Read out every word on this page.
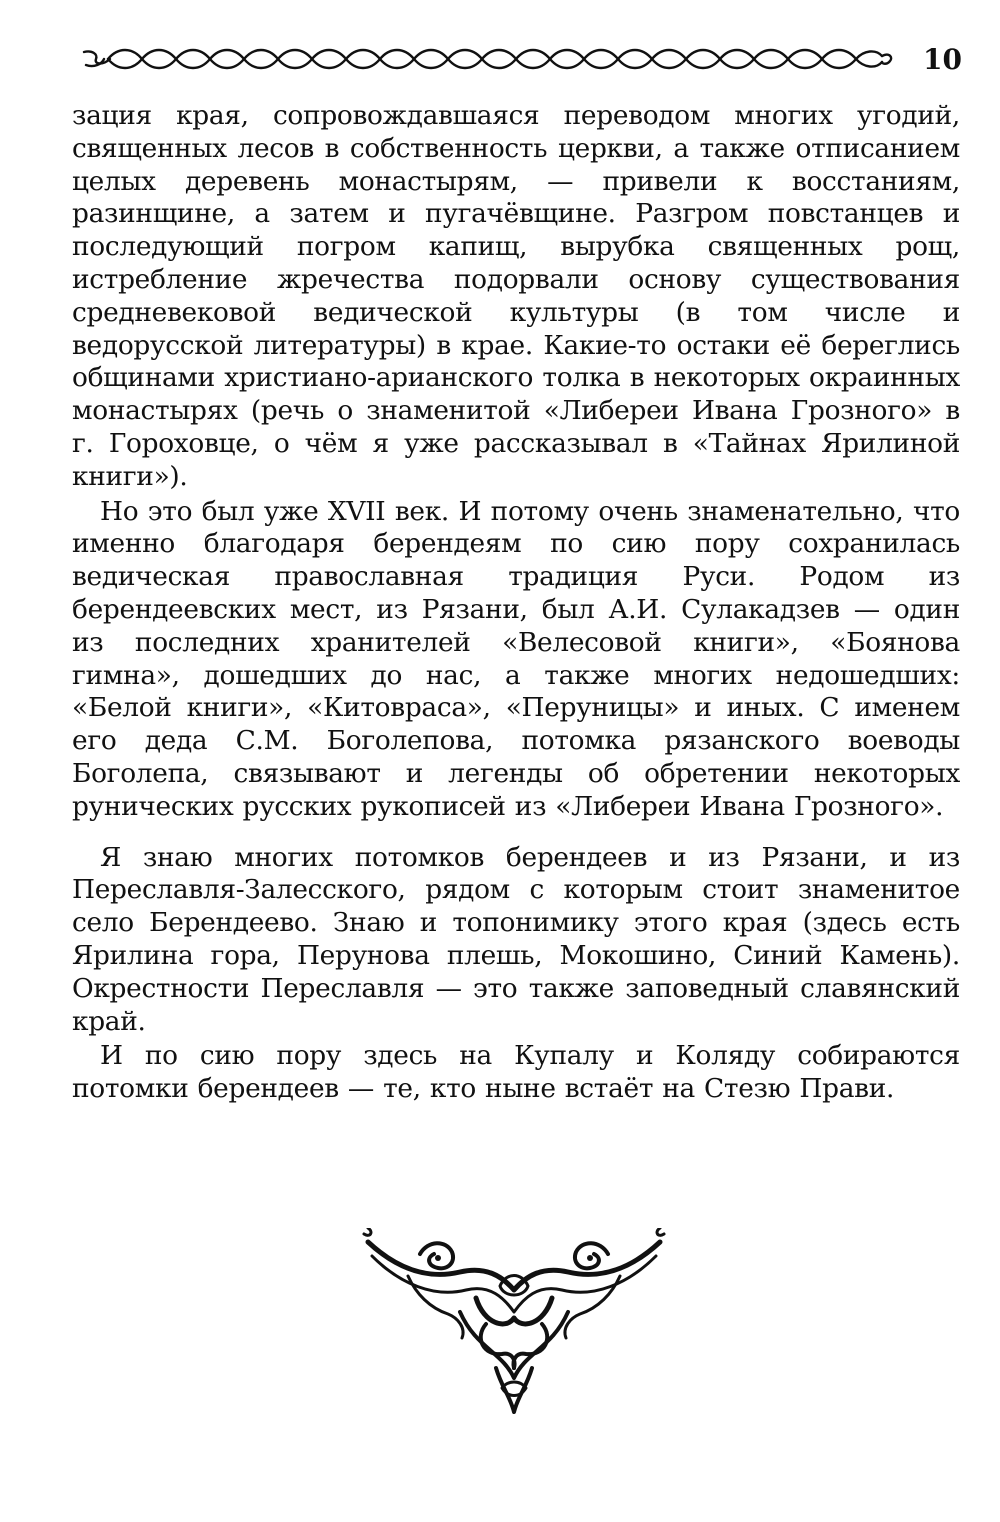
10

зация края, сопровождавшаяся переводом многих угодий, священных лесов в собственность церкви, а также отписанием целых деревень монастырям, — привели к восстаниям, разинщине, а затем и пугачёвщине. Разгром повстанцев и последующий погром капищ, вырубка священных рощ, истребление жречества подорвали основу существования средневековой ведической культуры (в том числе и ведорусской литературы) в крае. Какие-то остаки её береглись общинами христиано-арианского толка в некоторых окраинных монастырях (речь о знаменитой «Либереи Ивана Грозного» в г. Гороховце, о чём я уже рассказывал в «Тайнах Ярилиной книги»).

Но это был уже XVII век. И потому очень знаменательно, что именно благодаря берендеям по сию пору сохранилась ведическая православная традиция Руси. Родом из берендеевских мест, из Рязани, был А.И. Сулакадзев — один из последних хранителей «Велесовой книги», «Боянова гимна», дошедших до нас, а также многих недошедших: «Белой книги», «Китовраса», «Перуницы» и иных. С именем его деда С.М. Боголепова, потомка рязанского воеводы Боголепа, связывают и легенды об обретении некоторых рунических русских рукописей из «Либереи Ивана Грозного».

Я знаю многих потомков берендеев и из Рязани, и из Переславля-Залесского, рядом с которым стоит знаменитое село Берендеево. Знаю и топонимику этого края (здесь есть Ярилина гора, Перунова плешь, Мокошино, Синий Камень). Окрестности Переславля — это также заповедный славянский край.

И по сию пору здесь на Купалу и Коляду собираются потомки берендеев — те, кто ныне встаёт на Стезю Прави.
